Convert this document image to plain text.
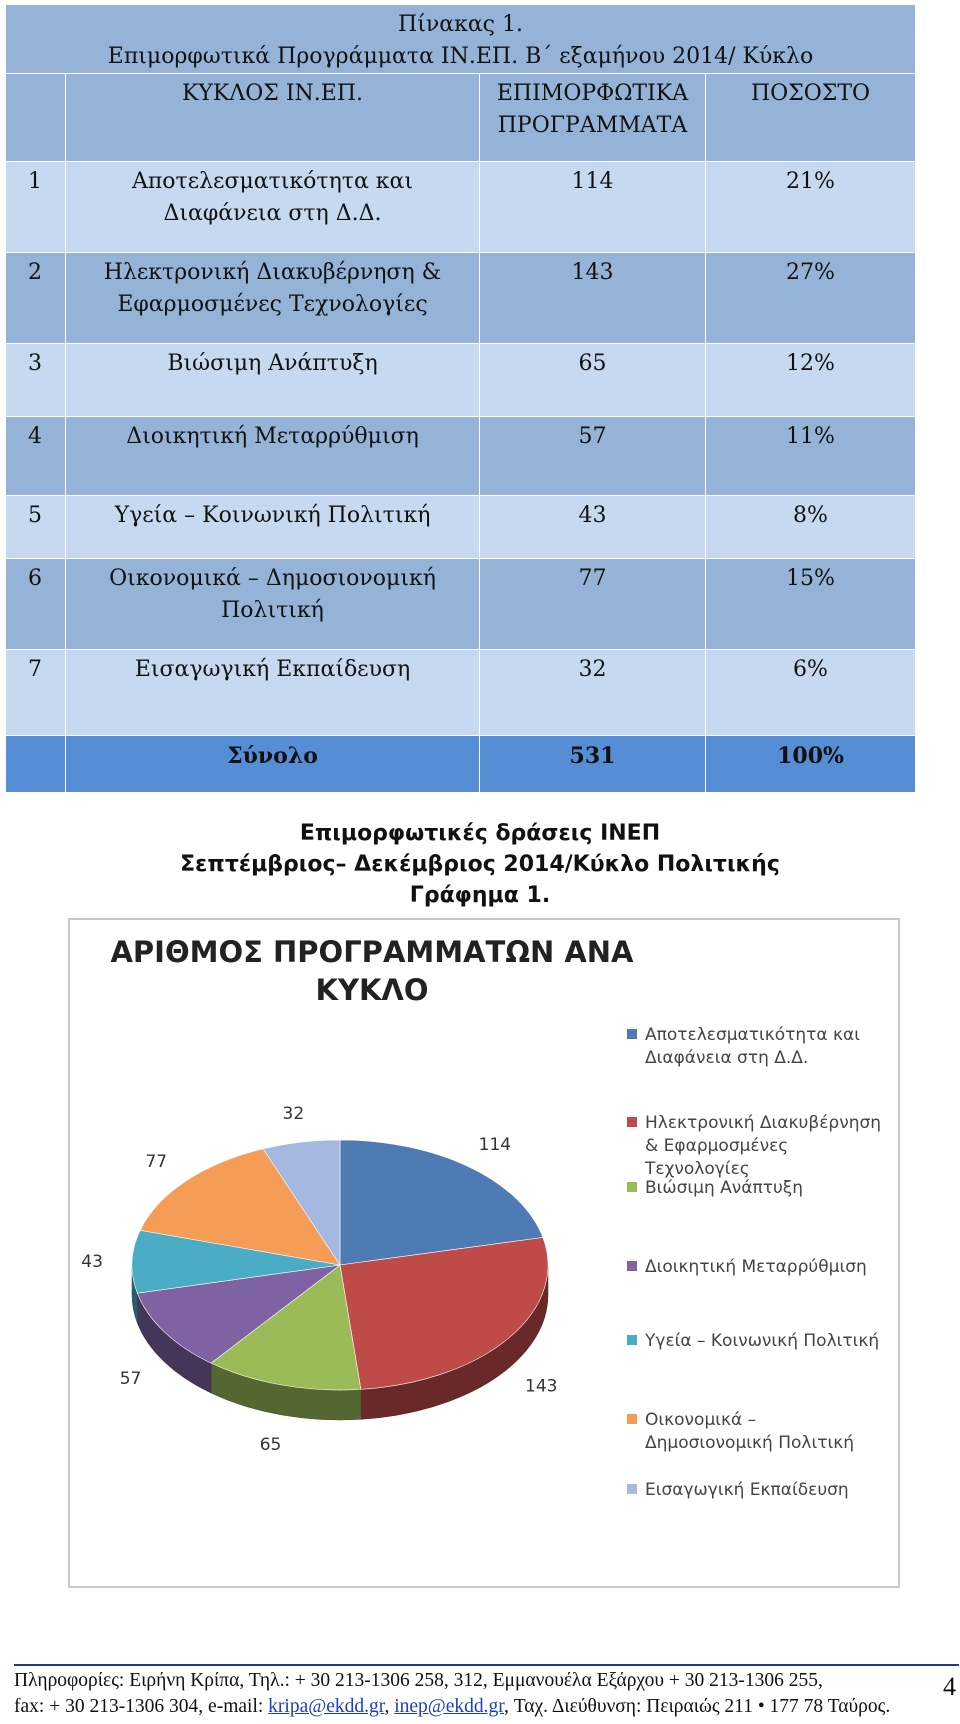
Πίνακας 1.
Επιμορφωτικά Προγράμματα ΙΝ.ΕΠ. Β΄ εξαμήνου 2014/ Κύκλο			

	ΚΥΚΛΟΣ ΙΝ.ΕΠ.	ΕΠΙΜΟΡΦΩΤΙΚΑ ΠΡΟΓΡΑΜΜΑΤΑ	ΠΟΣΟΣΤΟ
1	Αποτελεσματικότητα και Διαφάνεια στη Δ.Δ.	114	21%
2	Ηλεκτρονική Διακυβέρνηση & Εφαρμοσμένες Τεχνολογίες	143	27%
3	Βιώσιμη Ανάπτυξη	65	12%
4	Διοικητική Μεταρρύθμιση	57	11%
5	Υγεία – Κοινωνική Πολιτική	43	8%
6	Οικονομικά – Δημοσιονομική Πολιτική	77	15%
7	Εισαγωγική Εκπαίδευση	32	6%
	Σύνολο	531	100%
Επιμορφωτικές δράσεις ΙΝΕΠ
Σεπτέμβριος– Δεκέμβριος 2014/Κύκλο Πολιτικής
Γράφημα 1.
ΑΡΙΘΜΟΣ ΠΡΟΓΡΑΜΜΑΤΩΝ ΑΝΑ
ΚΥΚΛΟ
114
143
65
57
43
77
32
Αποτελεσματικότητα και
Διαφάνεια στη Δ.Δ.
Ηλεκτρονική Διακυβέρνηση
& Εφαρμοσμένες
Τεχνολογίες
Βιώσιμη Ανάπτυξη
Διοικητική Μεταρρύθμιση
Υγεία – Κοινωνική Πολιτική
Οικονομικά –
Δημοσιονομική Πολιτική
Εισαγωγική Εκπαίδευση
Πληροφορίες: Ειρήνη Κρίπα, Τηλ.: + 30 213-1306 258, 312, Εμμανουέλα Εξάρχου + 30 213-1306 255,
fax: + 30 213-1306 304, e-mail: kripa@ekdd.gr, inep@ekdd.gr, Ταχ. Διεύθυνση: Πειραιώς 211 • 177 78 Ταύρος.
4
